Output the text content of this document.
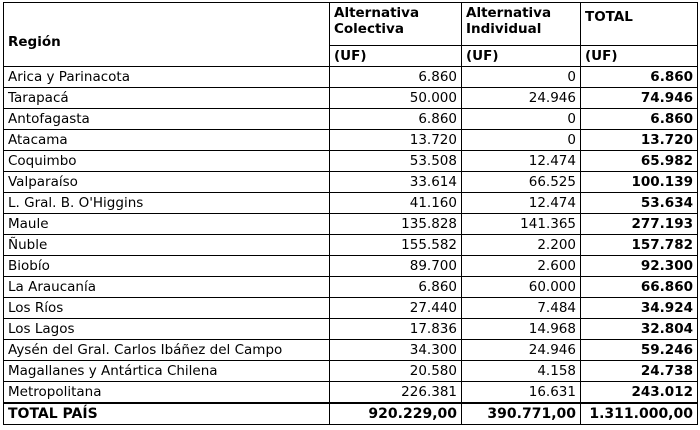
Región	Alternativa Colectiva	Alternativa Individual	TOTAL
	(UF)	(UF)	(UF)
Arica y Parinacota	6.860	0	6.860
Tarapacá	50.000	24.946	74.946
Antofagasta	6.860	0	6.860
Atacama	13.720	0	13.720
Coquimbo	53.508	12.474	65.982
Valparaíso	33.614	66.525	100.139
L. Gral. B. O'Higgins	41.160	12.474	53.634
Maule	135.828	141.365	277.193
Ñuble	155.582	2.200	157.782
Biobío	89.700	2.600	92.300
La Araucanía	6.860	60.000	66.860
Los Ríos	27.440	7.484	34.924
Los Lagos	17.836	14.968	32.804
Aysén del Gral. Carlos Ibáñez del Campo	34.300	24.946	59.246
Magallanes y Antártica Chilena	20.580	4.158	24.738
Metropolitana	226.381	16.631	243.012
TOTAL PAÍS	920.229,00	390.771,00	1.311.000,00
